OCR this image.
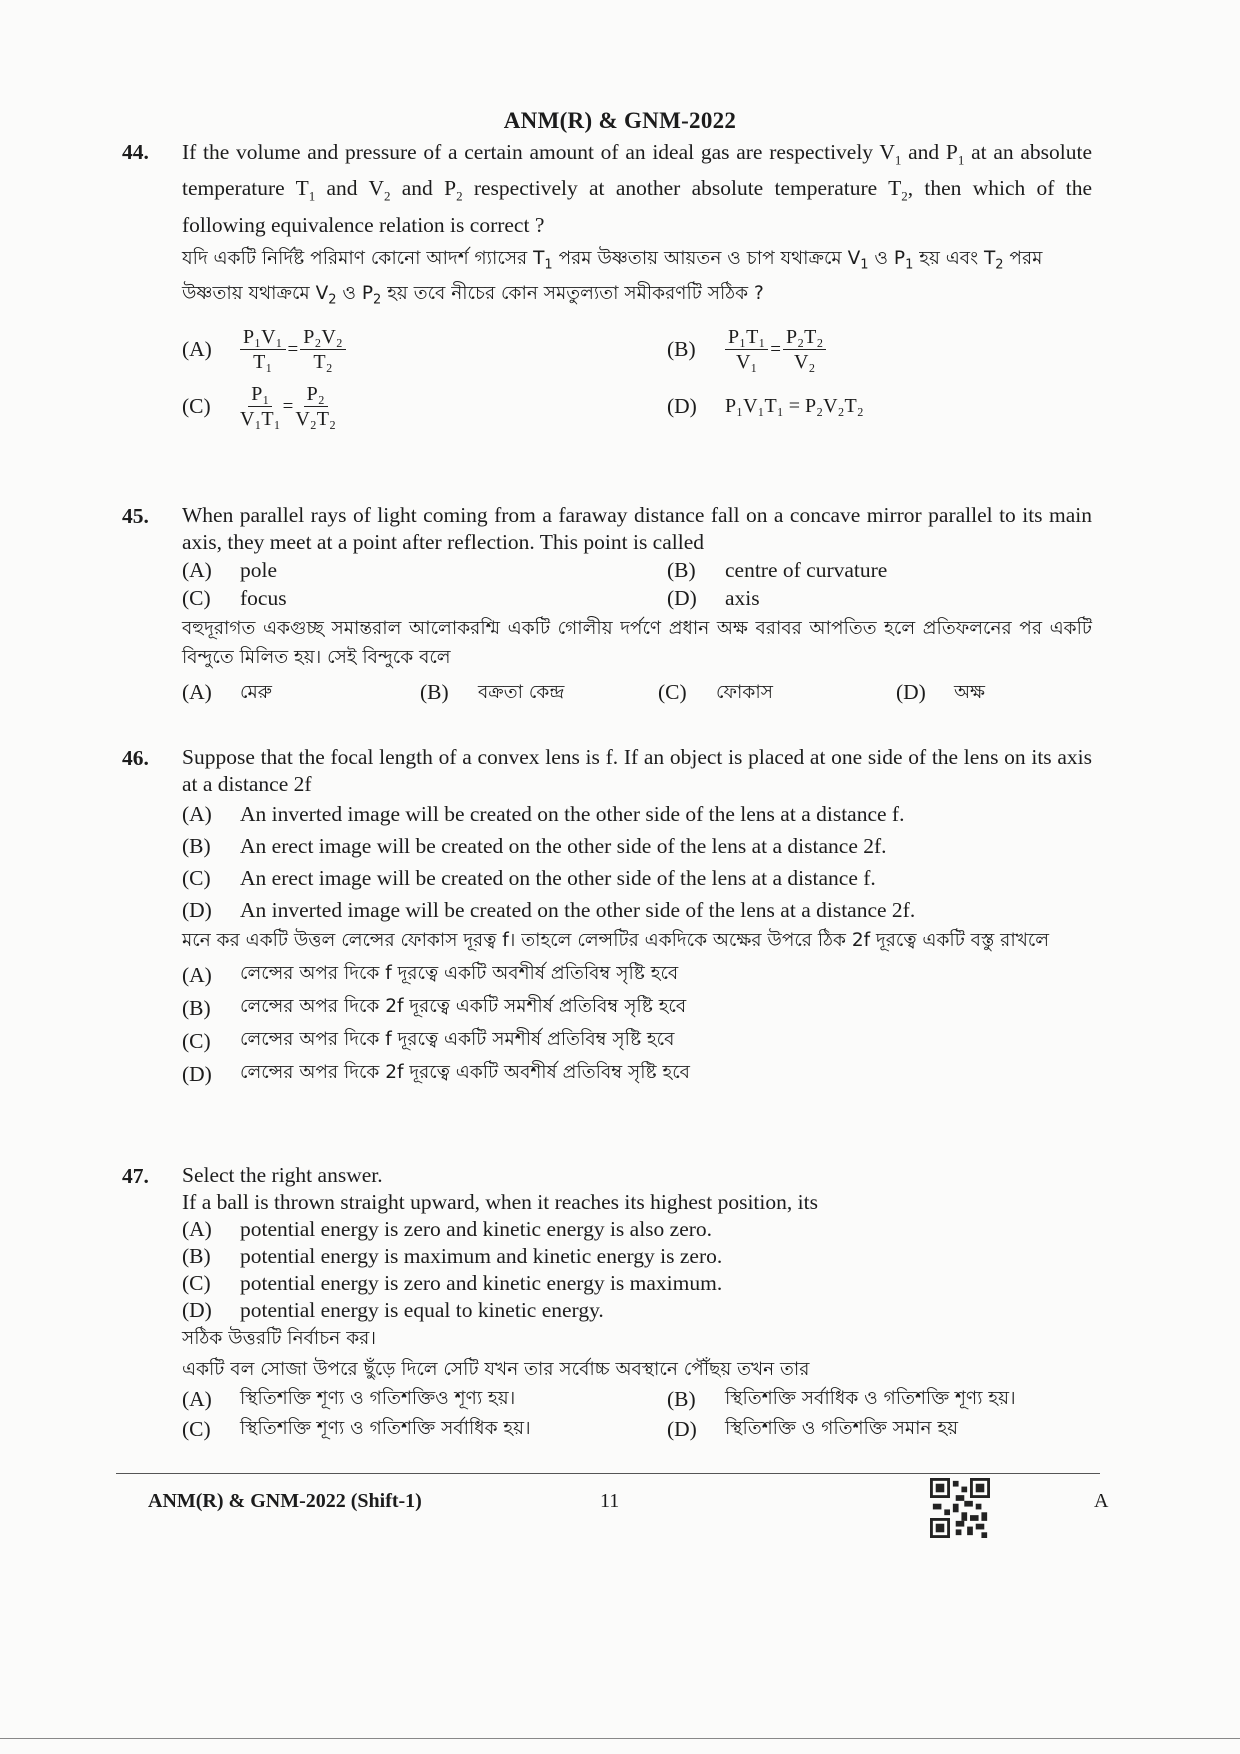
ANM(R) & GNM-2022
44. If the volume and pressure of a certain amount of an ideal gas are respectively $V_1$ and $P_1$ at an absolute temperature $T_1$ and $V_2$ and $P_2$ respectively at another absolute temperature $T_2$, then which of the following equivalence relation is correct ?

যদি একটি নির্দিষ্ট পরিমাণ কোনো আদর্শ গ্যাসের $T_1$ পরম উষ্ণতায় আয়তন ও চাপ যথাক্রমে $V_1$ ও $P_1$ হয় এবং $T_2$ পরম উষ্ণতায় যথাক্রমে $V_2$ ও $P_2$ হয় তবে নীচের কোন সমতুল্যতা সমীকরণটি সঠিক ?

(A)	$\frac{\text{P₁V₁}}{\text{T₁}} = \frac{\text{P₂V₂}}{\text{T₂}}$	(B)	$\frac{\text{P₁T₁}}{\text{V₁}} = \frac{\text{P₂T₂}}{\text{V₂}}$
(C)	$\frac{\text{P₁}}{\text{V₁T₁}} = \frac{\text{P₂}}{\text{V₂T₂}}$	(D)	P₁V₁T₁ = P₂V₂T₂
45. When parallel rays of light coming from a faraway distance fall on a concave mirror parallel to its main axis, they meet at a point after reflection. This point is called

(A)	pole	(B)	centre of curvature
(C)	focus	(D)	axis

বহুদূরাগত একগুচ্ছ সমান্তরাল আলোকরশ্মি একটি গোলীয় দর্পণে প্রধান অক্ষ বরাবর আপতিত হলে প্রতিফলনের পর একটি বিন্দুতে মিলিত হয়। সেই বিন্দুকে বলে

(A)	মেরু	(B)	বক্রতা কেন্দ্র	(C)	ফোকাস	(D)	অক্ষ
46. Suppose that the focal length of a convex lens is f. If an object is placed at one side of the lens on its axis at a distance 2f

(A)	An inverted image will be created on the other side of the lens at a distance f.
(B)	An erect image will be created on the other side of the lens at a distance 2f.
(C)	An erect image will be created on the other side of the lens at a distance f.
(D)	An inverted image will be created on the other side of the lens at a distance 2f.

মনে কর একটি উত্তল লেন্সের ফোকাস দূরত্ব f। তাহলে লেন্সটির একদিকে অক্ষের উপরে ঠিক 2f দূরত্বে একটি বস্তু রাখলে

(A)	লেন্সের অপর দিকে f দূরত্বে একটি অবশীর্ষ প্রতিবিম্ব সৃষ্টি হবে
(B)	লেন্সের অপর দিকে 2f দূরত্বে একটি সমশীর্ষ প্রতিবিম্ব সৃষ্টি হবে
(C)	লেন্সের অপর দিকে f দূরত্বে একটি সমশীর্ষ প্রতিবিম্ব সৃষ্টি হবে
(D)	লেন্সের অপর দিকে 2f দূরত্বে একটি অবশীর্ষ প্রতিবিম্ব সৃষ্টি হবে
47. Select the right answer.

If a ball is thrown straight upward, when it reaches its highest position, its

(A)	potential energy is zero and kinetic energy is also zero.
(B)	potential energy is maximum and kinetic energy is zero.
(C)	potential energy is zero and kinetic energy is maximum.
(D)	potential energy is equal to kinetic energy.

সঠিক উত্তরটি নির্বাচন কর।

একটি বল সোজা উপরে ছুঁড়ে দিলে সেটি যখন তার সর্বোচ্চ অবস্থানে পৌঁছয় তখন তার

(A)	স্থিতিশক্তি শূণ্য ও গতিশক্তিও শূণ্য হয়।	(B)	স্থিতিশক্তি সর্বাধিক ও গতিশক্তি শূণ্য হয়।
(C)	স্থিতিশক্তি শূণ্য ও গতিশক্তি সর্বাধিক হয়।	(D)	স্থিতিশক্তি ও গতিশক্তি সমান হয়
ANM(R) & GNM-2022 (Shift-1)	11	A
